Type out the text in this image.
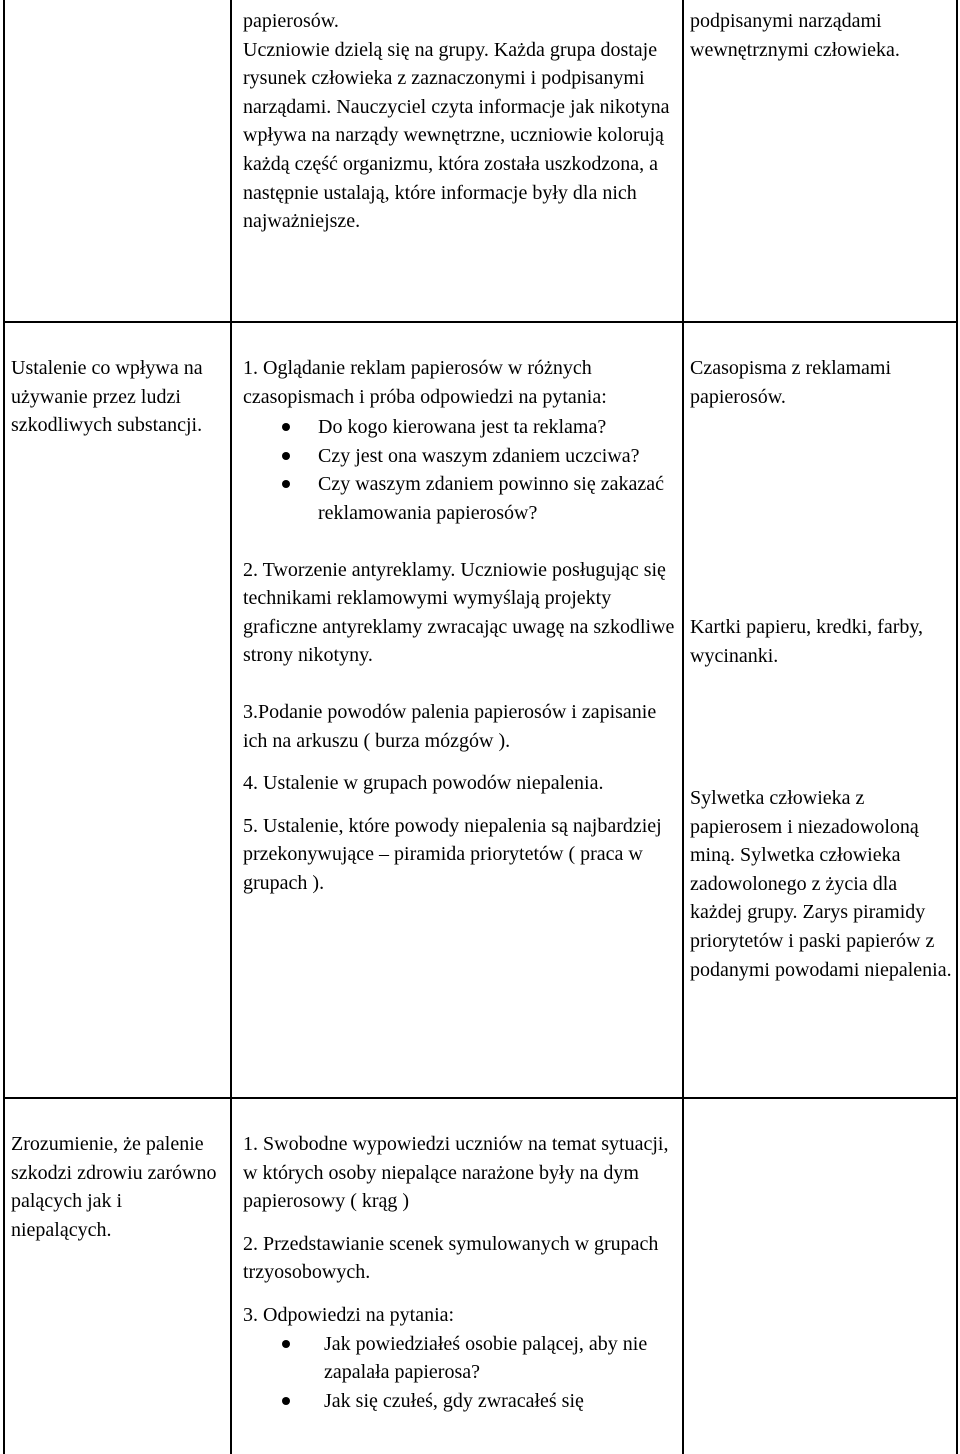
papierosów.

Uczniowie dzielą się na grupy. Każda grupa dostaje rysunek człowieka z zaznaczonymi i podpisanymi narządami. Nauczyciel czyta informacje jak nikotyna wpływa na narządy wewnętrzne, uczniowie kolorują każdą część organizmu, która została uszkodzona, a następnie ustalają, które informacje były dla nich najważniejsze.

podpisanymi narządami wewnętrznymi człowieka.

Ustalenie co wpływa na używanie przez ludzi szkodliwych substancji.

1. Oglądanie reklam papierosów w różnych czasopismach i próba odpowiedzi na pytania:

Do kogo kierowana jest ta reklama?
Czy jest ona waszym zdaniem uczciwa?
Czy waszym zdaniem powinno się zakazać reklamowania papierosów?

2. Tworzenie antyreklamy. Uczniowie posługując się technikami reklamowymi wymyślają projekty graficzne antyreklamy zwracając uwagę na szkodliwe strony nikotyny.

3.Podanie powodów palenia papierosów i zapisanie ich na arkuszu ( burza mózgów ).

4. Ustalenie w grupach powodów niepalenia.

5. Ustalenie, które powody niepalenia są najbardziej przekonywujące – piramida priorytetów ( praca w grupach ).

Czasopisma z reklamami papierosów.

Kartki papieru, kredki, farby, wycinanki.

Sylwetka człowieka z papierosem i niezadowoloną miną. Sylwetka człowieka zadowolonego z życia dla każdej grupy. Zarys piramidy priorytetów i paski papierów z podanymi powodami niepalenia.

Zrozumienie, że palenie szkodzi zdrowiu zarówno palących jak i niepalących.

1. Swobodne wypowiedzi uczniów na temat sytuacji, w których osoby niepalące narażone były na dym papierosowy ( krąg )

2. Przedstawianie scenek symulowanych w grupach trzyosobowych.

3. Odpowiedzi na pytania:

Jak powiedziałeś osobie palącej, aby nie zapalała papierosa?
Jak się czułeś, gdy zwracałeś się
